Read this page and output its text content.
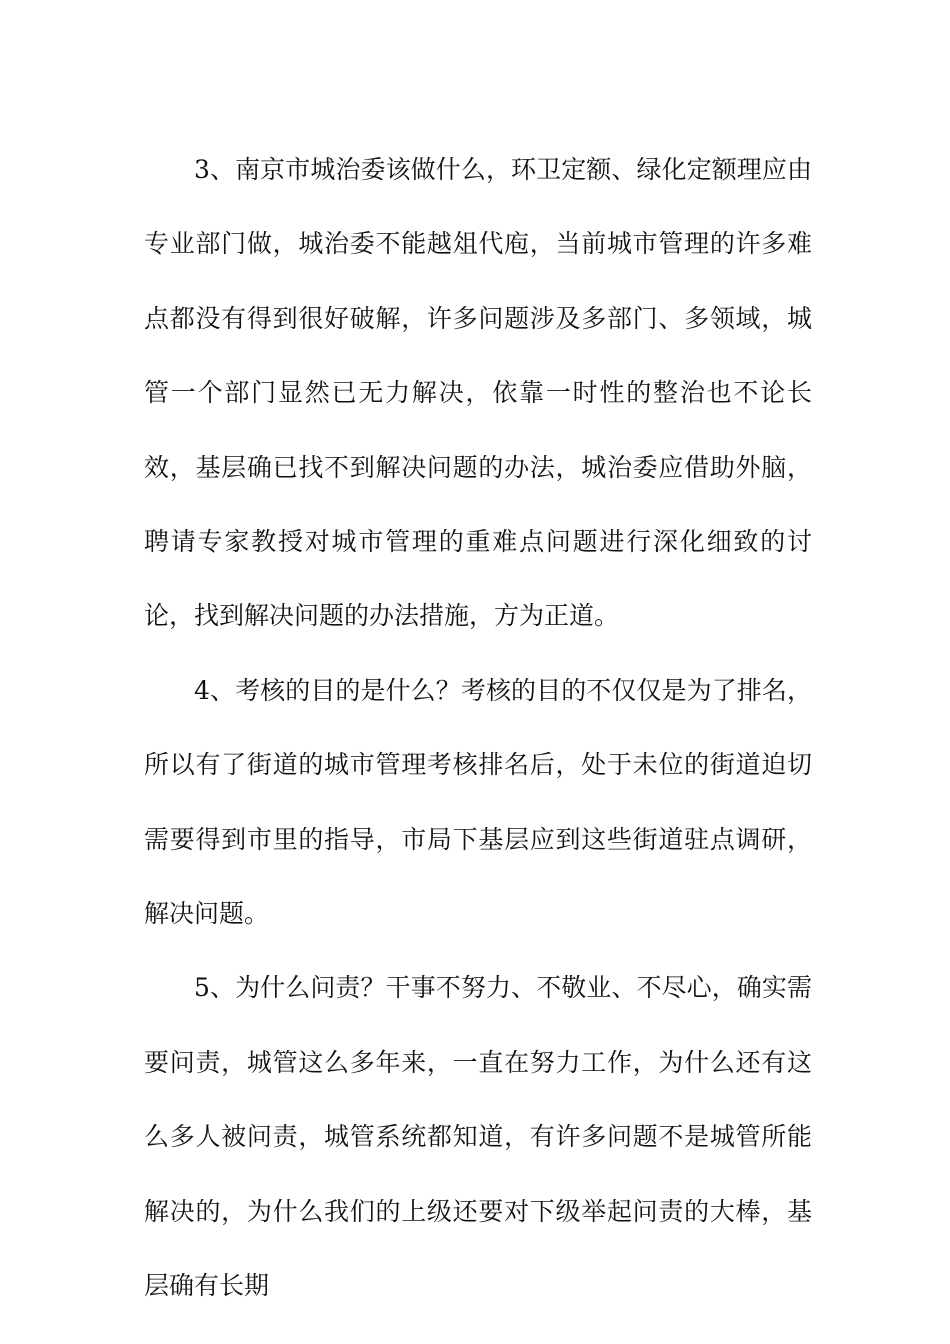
3、南京市城治委该做什么，环卫定额、绿化定额理应由专业部门做，城治委不能越俎代庖，当前城市管理的许多难点都没有得到很好破解，许多问题涉及多部门、多领域，城管一个部门显然已无力解决，依靠一时性的整治也不论长效，基层确已找不到解决问题的办法，城治委应借助外脑，聘请专家教授对城市管理的重难点问题进行深化细致的讨论，找到解决问题的办法措施，方为正道。

4、考核的目的是什么？考核的目的不仅仅是为了排名，所以有了街道的城市管理考核排名后，处于未位的街道迫切需要得到市里的指导，市局下基层应到这些街道驻点调研，解决问题。

5、为什么问责？干事不努力、不敬业、不尽心，确实需要问责，城管这么多年来，一直在努力工作，为什么还有这么多人被问责，城管系统都知道，有许多问题不是城管所能解决的，为什么我们的上级还要对下级举起问责的大棒，基层确有长期
